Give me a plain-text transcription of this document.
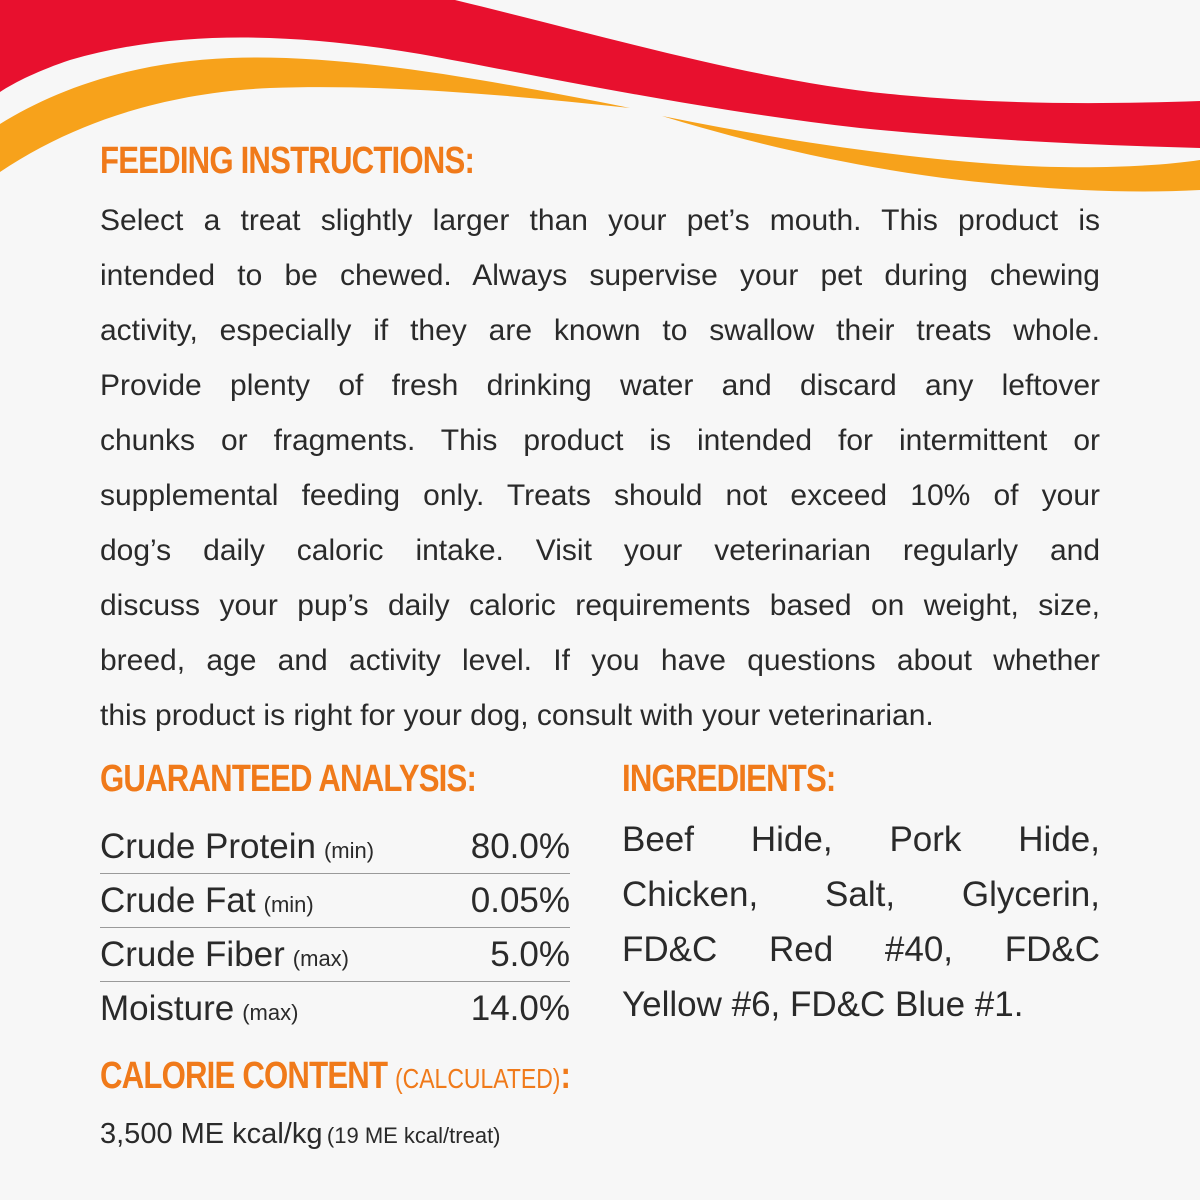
FEEDING INSTRUCTIONS:
Select a treat slightly larger than your pet’s mouth. This product is
intended to be chewed. Always supervise your pet during chewing
activity, especially if they are known to swallow their treats whole.
Provide plenty of fresh drinking water and discard any leftover
chunks or fragments. This product is intended for intermittent or
supplemental feeding only. Treats should not exceed 10% of your
dog’s daily caloric intake. Visit your veterinarian regularly and
discuss your pup’s daily caloric requirements based on weight, size,
breed, age and activity level. If you have questions about whether
this product is right for your dog, consult with your veterinarian.
GUARANTEED ANALYSIS:
Crude Protein (min)	80.0%
Crude Fat (min)	0.05%
Crude Fiber (max)	5.0%
Moisture (max)	14.0%
CALORIE CONTENT (CALCULATED):

3,500 ME kcal/kg (19 ME kcal/treat)

INGREDIENTS:
Beef Hide, Pork Hide,
Chicken, Salt, Glycerin,
FD&C Red #40, FD&C
Yellow #6, FD&C Blue #1.
